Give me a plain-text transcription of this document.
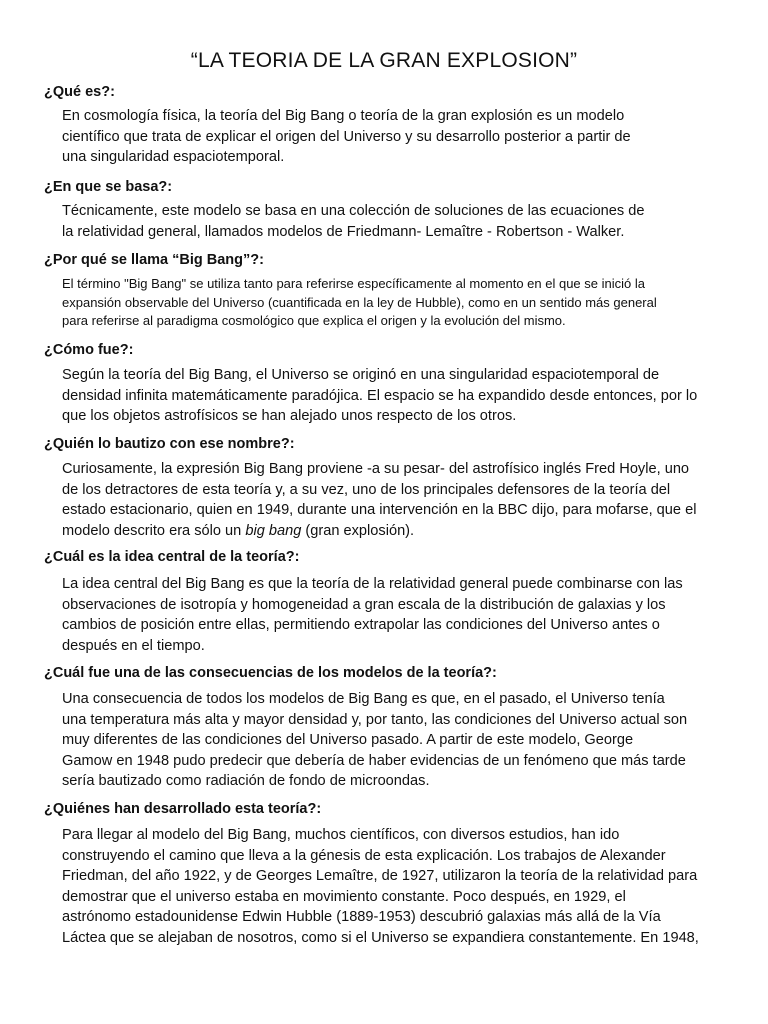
“LA TEORIA DE LA GRAN EXPLOSION”
¿Qué es?:
En cosmología física, la teoría del Big Bang o teoría de la gran explosión es un modelo
científico que trata de explicar el origen del Universo y su desarrollo posterior a partir de
una singularidad espaciotemporal.
¿En que se basa?:
Técnicamente, este modelo se basa en una colección de soluciones de las ecuaciones de
la relatividad general, llamados modelos de Friedmann- Lemaître - Robertson - Walker.
¿Por qué se llama “Big Bang”?:
El término "Big Bang" se utiliza tanto para referirse específicamente al momento en el que se inició la
expansión observable del Universo (cuantificada en la ley de Hubble), como en un sentido más general
para referirse al paradigma cosmológico que explica el origen y la evolución del mismo.
¿Cómo fue?:
Según la teoría del Big Bang, el Universo se originó en una singularidad espaciotemporal de
densidad infinita matemáticamente paradójica. El espacio se ha expandido desde entonces, por lo
que los objetos astrofísicos se han alejado unos respecto de los otros.
¿Quién lo bautizo con ese nombre?:
Curiosamente, la expresión Big Bang proviene -a su pesar- del astrofísico inglés Fred Hoyle, uno
de los detractores de esta teoría y, a su vez, uno de los principales defensores de la teoría del
estado estacionario, quien en 1949, durante una intervención en la BBC dijo, para mofarse, que el
modelo descrito era sólo un big bang (gran explosión).
¿Cuál es la idea central de la teoría?:
La idea central del Big Bang es que la teoría de la relatividad general puede combinarse con las
observaciones de isotropía y homogeneidad a gran escala de la distribución de galaxias y los
cambios de posición entre ellas, permitiendo extrapolar las condiciones del Universo antes o
después en el tiempo.
¿Cuál fue una de las consecuencias de los modelos de la teoría?:
Una consecuencia de todos los modelos de Big Bang es que, en el pasado, el Universo tenía
una temperatura más alta y mayor densidad y, por tanto, las condiciones del Universo actual son
muy diferentes de las condiciones del Universo pasado. A partir de este modelo, George
Gamow en 1948 pudo predecir que debería de haber evidencias de un fenómeno que más tarde
sería bautizado como radiación de fondo de microondas.
¿Quiénes han desarrollado esta teoría?:
Para llegar al modelo del Big Bang, muchos científicos, con diversos estudios, han ido
construyendo el camino que lleva a la génesis de esta explicación. Los trabajos de Alexander
Friedman, del año 1922, y de Georges Lemaître, de 1927, utilizaron la teoría de la relatividad para
demostrar que el universo estaba en movimiento constante. Poco después, en 1929, el
astrónomo estadounidense Edwin Hubble (1889-1953) descubrió galaxias más allá de la Vía
Láctea que se alejaban de nosotros, como si el Universo se expandiera constantemente. En 1948,
